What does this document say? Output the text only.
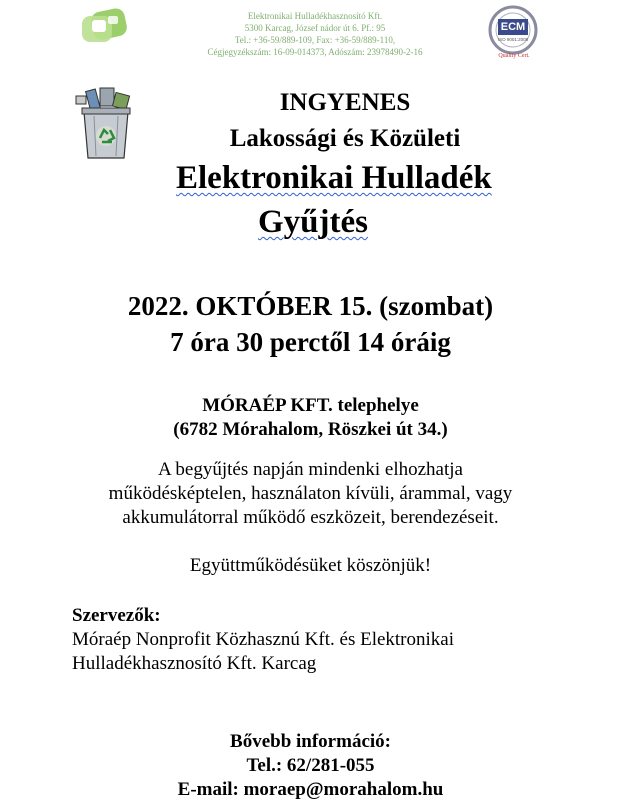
Elektronikai Hulladékhasznosító Kft.
5300 Karcag, József nádor út 6. Pf.: 95
Tel.: +36-59/889-109, Fax: +36-59/889-110,
Cégjegyzékszám: 16-09-014373, Adószám: 23978490-2-16
ECM
ISO 9001:2008
Quality Cert.
INGYENES
Lakossági és Közületi
Elektronikai Hulladék
Gyűjtés
2022. OKTÓBER 15. (szombat)
7 óra 30 perctől 14 óráig
MÓRAÉP KFT. telephelye
(6782 Mórahalom, Röszkei út 34.)
A begyűjtés napján mindenki elhozhatja
működésképtelen, használaton kívüli, árammal, vagy
akkumulátorral működő eszközeit, berendezéseit.
Együttműködésüket köszönjük!
Szervezők:
Móraép Nonprofit Közhasznú Kft. és Elektronikai
Hulladékhasznosító Kft. Karcag
Bővebb információ:
Tel.: 62/281-055
E-mail: moraep@morahalom.hu
